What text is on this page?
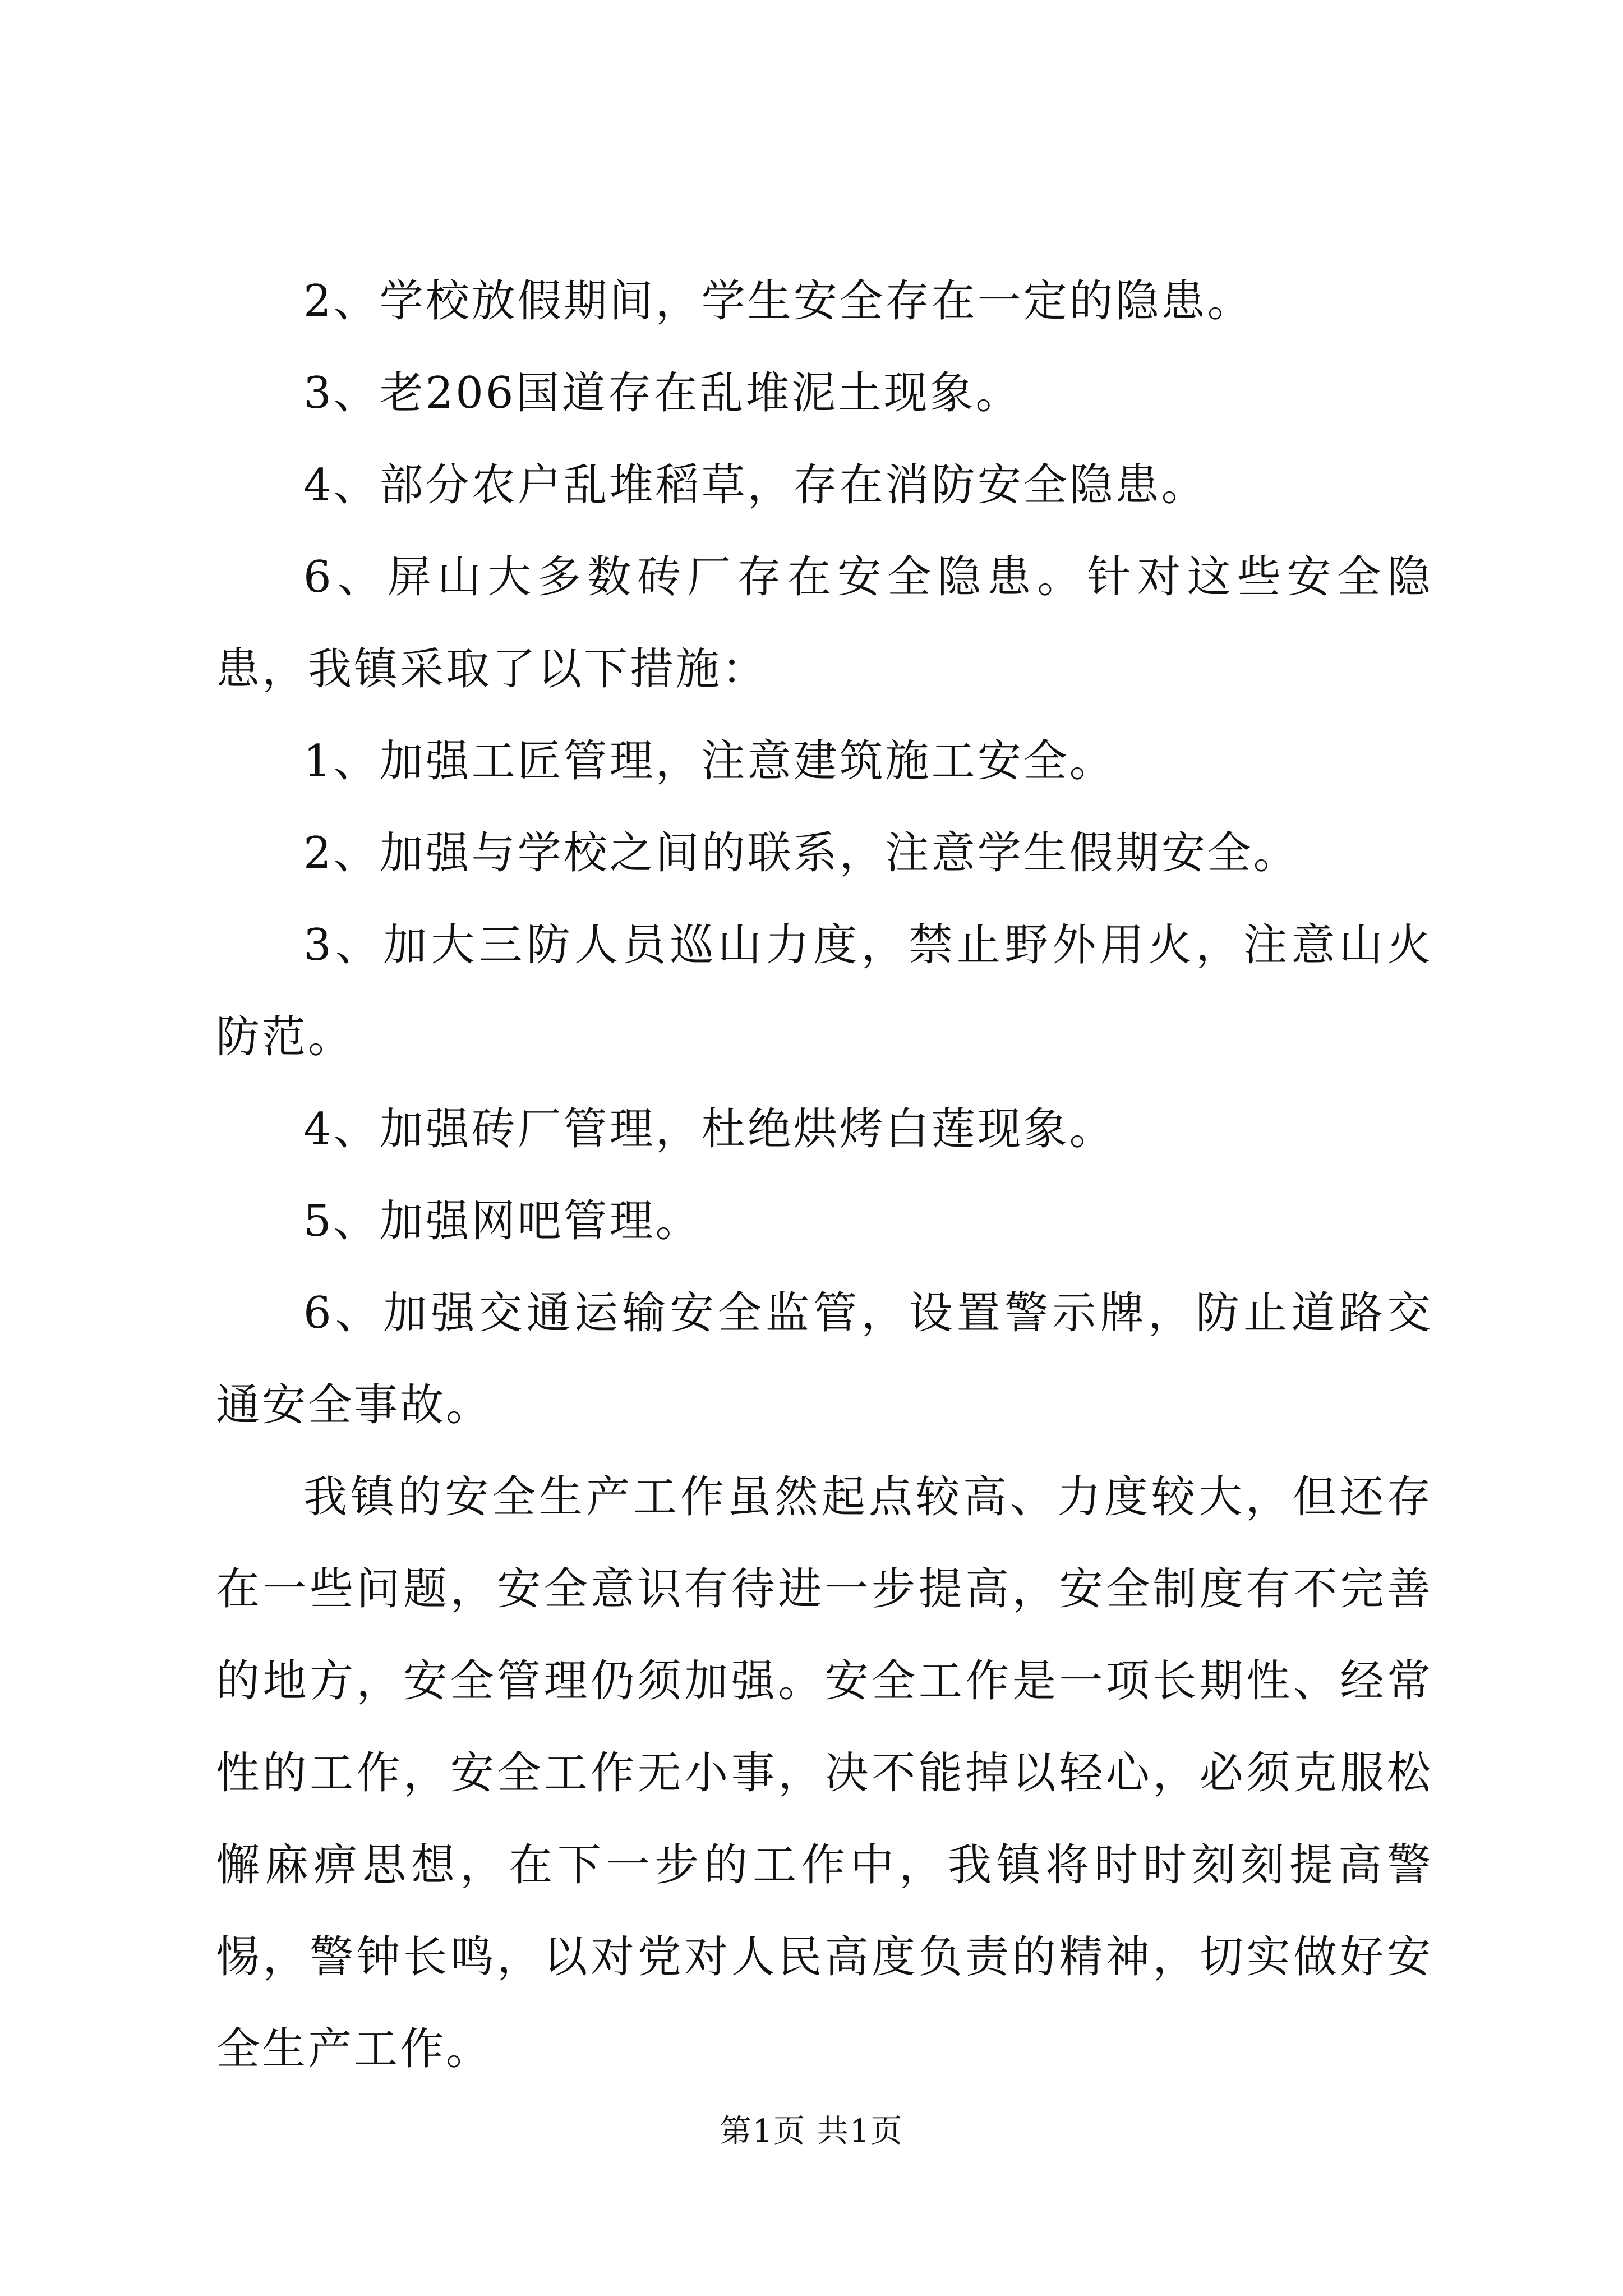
2、学校放假期间，学生安全存在一定的隐患。

3、老206国道存在乱堆泥土现象。

4、部分农户乱堆稻草，存在消防安全隐患。

6、屏山大多数砖厂存在安全隐患。针对这些安全隐患，我镇采取了以下措施：

1、加强工匠管理，注意建筑施工安全。

2、加强与学校之间的联系，注意学生假期安全。

3、加大三防人员巡山力度，禁止野外用火，注意山火防范。

4、加强砖厂管理，杜绝烘烤白莲现象。

5、加强网吧管理。

6、加强交通运输安全监管，设置警示牌，防止道路交通安全事故。

我镇的安全生产工作虽然起点较高、力度较大，但还存在一些问题，安全意识有待进一步提高，安全制度有不完善的地方，安全管理仍须加强。安全工作是一项长期性、经常性的工作，安全工作无小事，决不能掉以轻心，必须克服松懈麻痹思想，在下一步的工作中，我镇将时时刻刻提高警惕，警钟长鸣，以对党对人民高度负责的精神，切实做好安全生产工作。

第1页 共1页
